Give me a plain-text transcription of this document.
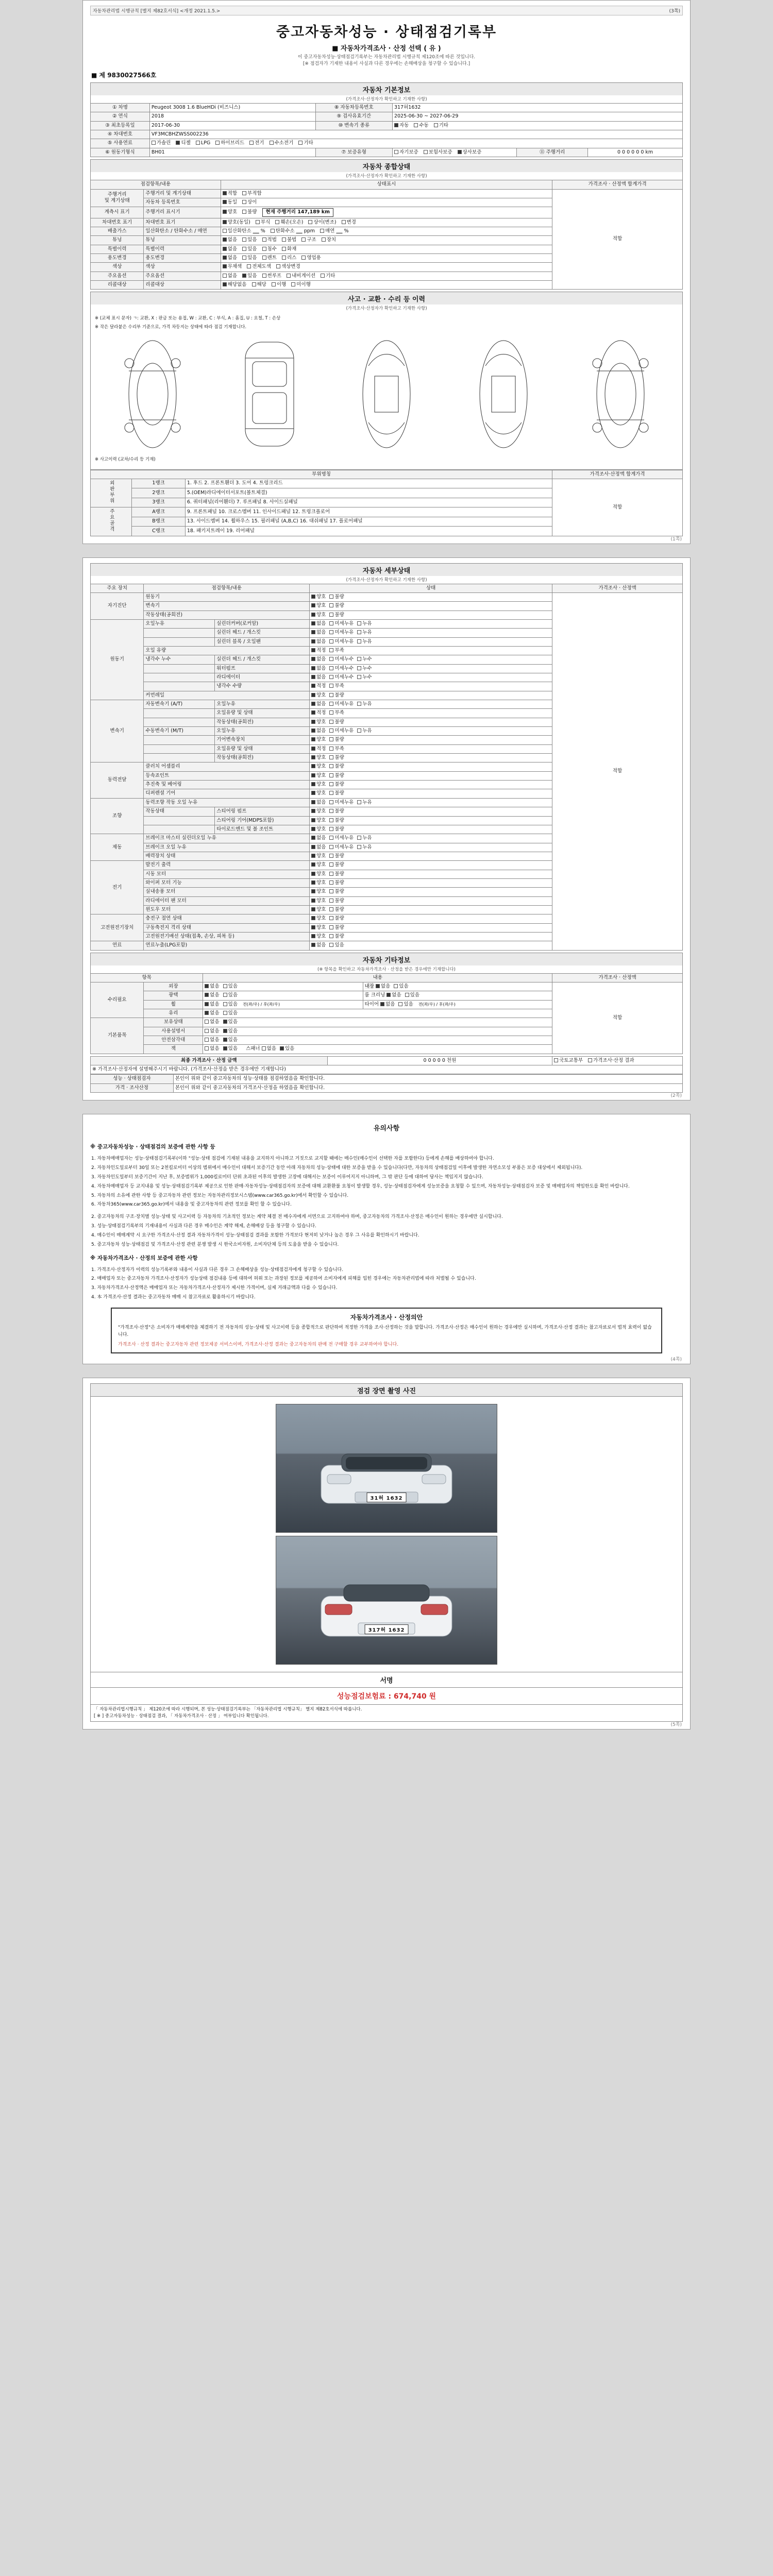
자동차관리법 시행규칙 [별지 제82호서식] <개정 2021.1.5.>	(3쪽)
중고자동차성능 · 상태점검기록부
■ 자동차가격조사 · 산정 선택 ( 유 )
이 중고자동차성능·상태점검기록부는 자동차관리법 시행규칙 제120조에 따른 것입니다.
[※ 점검자가 기재한 내용이 사실과 다른 경우에는 손해배상을 청구할 수 있습니다.]
■ 제 9830027566호
자동차 기본정보
(가격조사·산정자가 확인하고 기재한 사항)
① 차명	Peugeot 3008 1.6 BlueHDi (비즈니스)	⑧ 자동차등록번호	317허1632		
② 연식	2018	⑨ 검사유효기간	2025-06-30 ~ 2027-06-29		
③ 최초등록일	2017-06-30	⑩ 변속기 종류	자동 수동 기타		
④ 차대번호	VF3MCBHZWSS002236				
⑤ 사용연료	가솔린 디젤 LPG 하이브리드 전기 수소전기 기타				
⑥ 원동기형식	BH01	⑦ 보증유형	자기보증 보험사보증 상사보증	⑪ 주행거리	0 0 0 0 0 0 km
자동차 종합상태
(가격조사·산정자가 확인하고 기재한 사항)
점검항목/내용		상태표시	가격조사 · 산정액 합계가격
주행거리
및 계기상태	주행거리 및 계기상태	적합 부적합	적합
	자동차 등록번호	동일 상이	
계측시 표기	주행거리 표시기	양호 불량 현재 주행거리 147,189 km	
차대번호 표기	차대번호 표기	양호(동일) 부식 훼손(오손) 상이(변조) 변경	
배출가스	일산화탄소 / 탄화수소 / 매연	일산화탄소      % 탄화수소      ppm 매연      %	
튜닝	튜닝	없음 있음 적법 불법 구조 장치	
특별이력	특별이력	없음 있음 침수 화재	
용도변경	용도변경	없음 있음 렌트 리스 영업용	
색상	색상	무채색 전체도색 색상변경	
주요옵션	주요옵션	없음 있음 썬루프 내비게이션 기타	
리콜대상	리콜대상	해당없음 해당 이행 미이행	
사고 · 교환 · 수리 등 이력
(가격조사·산정자가 확인하고 기재한 사항)
※ (교체 표시 문자) ㄱ: 교환, X : 판금 또는 용접, W : 교환, C : 부식, A : 흠집, U : 요철, T : 손상
※ 작은 달라붙은 수리부 기준으로, 가격 차등지는 상태에 따라 점검 기재합니다.
※ 사고이력 (교차/수리 등 기재)
부위명칭			가격조사·산정액 합계가격
외판부위	1랭크	1. 후드 2. 프론트휀더 3. 도어 4. 트렁크리드	적합
	2랭크	5.(OEM)라디에이터서포트(볼트체결)	
	3랭크	6. 쿼터패널(리어휀더) 7. 루프패널 8. 사이드실패널	
주요골격	A랭크	9. 프론트패널 10. 크로스멤버 11. 인사이드패널 12. 트렁크플로어	
	B랭크	13. 사이드멤버 14. 휠하우스 15. 필러패널 (A,B,C) 16. 대쉬패널 17. 플로어패널	
	C랭크	18. 패키지트레이 19. 리어패널	
(1쪽)
자동차 세부상태
(가격조사·산정자가 확인하고 기재한 사항)
주요 장치	점검항목/내용		상태	가격조사 · 산정액
자기진단	원동기		양호 불량	적합
	변속기		양호 불량	
	작동상태(공회전)		양호 불량	
원동기	오일누유	실린더커버(로커암)	없음 미세누유 누유	
		실린더 헤드 / 개스킷	없음 미세누유 누유	
		실린더 블록 / 오일팬	없음 미세누유 누유	
	오일 유량		적정 부족	
	냉각수 누수	실린더 헤드 / 개스킷	없음 미세누수 누수	
		워터펌프	없음 미세누수 누수	
		라디에이터	없음 미세누수 누수	
		냉각수 수량	적정 부족	
	커먼레일		양호 불량	
변속기	자동변속기 (A/T)	오일누유	없음 미세누유 누유	
		오일유량 및 상태	적정 부족	
		작동상태(공회전)	양호 불량	
	수동변속기 (M/T)	오일누유	없음 미세누유 누유	
		기어변속장치	양호 불량	
		오일유량 및 상태	적정 부족	
		작동상태(공회전)	양호 불량	
동력전달	클러치 어셈블리		양호 불량	
	등속죠인트		양호 불량	
	추진축 및 베어링		양호 불량	
	디퍼렌셜 기어		양호 불량	
조향	동력조향 작동 오일 누유		없음 미세누유 누유	
	작동상태	스티어링 펌프	양호 불량	
		스티어링 기어(MDPS포함)	양호 불량	
		타이로드엔드 및 볼 조인트	양호 불량	
제동	브레이크 마스터 실린더오일 누유		없음 미세누유 누유	
	브레이크 오일 누유		없음 미세누유 누유	
	배력장치 상태		양호 불량	
전기	발전기 출력		양호 불량	
	시동 모터		양호 불량	
	와이퍼 모터 기능		양호 불량	
	실내송풍 모터		양호 불량	
	라디에이터 팬 모터		양호 불량	
	윈도우 모터		양호 불량	
고전원전기장치	충전구 절연 상태		양호 불량	
	구동축전지 격리 상태		양호 불량	
	고전원전기배선 상태(접촉, 손상, 피복 등)		양호 불량	
연료	연료누출(LPG포함)		없음 있음	
(2쪽)
자동차 기타정보
(※ 항목을 확인하고 자동차가격조사 · 산정을 받은 경우에만 기재합니다)
항목		내용		가격조사 · 산정액
수리필요	외장	없음 있음	내장 없음 있음	적합
	광택	없음 있음	룸 크리닝 없음 있음	
	휠	없음 있음 전(좌/우) / 후(좌/우)	타이어 없음 있음 전(좌/우) / 후(좌/우)	
	유리	없음 있음		
기본품목	보유상태	없음 있음		
	사용설명서	없음 있음		
	안전삼각대	없음 있음		
	잭	없음 있음 스패너 없음 있음		
최종 가격조사 · 산정 금액	0 0 0 0 0 천원	국토교통부 가격조사·산정 결과
※ 가격조사·산정자에 설명해주시기 바랍니다. (가격조사·산정을 받은 경우에만 기재합니다)
성능 · 상태점검자	본인이 위와 같이 중고자동차의 성능·상태를 점검하였음을 확인합니다.
가격 · 조사산정	본인이 위와 같이 중고자동차의 가격조사·산정을 하였음을 확인합니다.
유의사항
※ 중고자동차성능 · 상태점검의 보증에 관한 사항 등
1. 자동차매매업자는 성능·상태점검기록부(이하 "성능·상태 점검에 기재된 내용을 교지하지 아니하고 거짓으로 교지할 때에는 매수인(매수인이 선택한 자를 포함한다) 등에게 손해를 배상하여야 합니다.
2. 자동차인도일로부터 30일 또는 2천킬로미터 이상의 범위에서 매수인이 대해서 보증기간 동안 아래 자동차의 성능·상태에 대한 보증을 받을 수 있습니다(다만, 자동차의 상태점검일 이후에 발생한 자연소모성 부품은 보증 대상에서 제외됩니다).
3. 자동차인도일부터 보증기간이 지난 후, 보증범위가 1,000킬로미터 단위 초과된 이후의 발생한 고장에 대해서는 보증이 이루어지지 아니하며, 그 밖 판단 등에 대하여 당사는 책임지지 않습니다.
4. 자동차매매업자 등 교지내용 및 성능·상태점검기록부 제공으로 인한 판매·자동차성능·상태점검자의 보증에 대해 교환환불 요청이 발생할 경우, 성능·상태점검자에게 성능보증을 요청할 수 있으며, 자동차성능·상태점검자 보증 및 매매업자의 책임한도를 확인 바랍니다.
5. 자동차의 소유에 관한 사항 등 중고자동차 관련 정보는 자동차관리정보시스템(www.car365.go.kr)에서 확인할 수 있습니다.
6. 자동차365(www.car365.go.kr)에서 내용을 및 중고자동차의 관련 정보를 확인 할 수 있습니다.
2. 중고자동차의 구조·장치별 성능·상태 및 사고이력 등 자동차의 기초적인 정보는 계약 체결 전 매수자에게 서면으로 고지하여야 하며, 중고자동차의 가격조사·산정은 매수인이 원하는 경우에만 실시합니다.
3. 성능·상태점검기록부의 기재내용이 사실과 다른 경우 매수인은 계약 해제, 손해배상 등을 청구할 수 있습니다.
4. 매수인이 매매계약 시 요구한 가격조사·산정 결과 자동차가격이 성능·상태점검 결과를 포함한 가격보다 현저히 낮거나 높은 경우 그 사유를 확인하시기 바랍니다.
5. 중고자동차 성능·상태점검 및 가격조사·산정 관련 분쟁 발생 시 한국소비자원, 소비자단체 등의 도움을 받을 수 있습니다.
※ 자동차가격조사 · 산정의 보증에 관한 사항
1. 가격조사·산정자가 이력의 성능기록부와 내용이 사실과 다른 경우 그 손해배상을 성능·상태점검자에게 청구할 수 있습니다.
2. 매매업자 또는 중고자동차 가격조사·산정자가 성능상태 점검내용 등에 대하여 허위 또는 과장된 정보를 제공하여 소비자에게 피해를 입힌 경우에는 자동차관리법에 따라 처벌될 수 있습니다.
3. 자동차가격조사·산정액은 매매업자 또는 자동차가격조사·산정자가 제시한 가격이며, 실제 거래금액과 다를 수 있습니다.
4. 本 가격조사·산정 결과는 중고자동차 매매 시 참고자료로 활용하시기 바랍니다.
자동차가격조사 · 산정의안
"가격조사·산정"은 소비자가 매매계약을 체결하기 전 자동차의 성능·상태 및 사고이력 등을 종합적으로 판단하여 적정한 가격을 조사·산정하는 것을 말합니다. 가격조사·산정은 매수인이 원하는 경우에만 실시하며, 가격조사·산정 결과는 참고자료로서 법적 효력이 없습니다.
가격조사 · 산정 결과는 중고자동차 관련 정보제공 서비스이며, 가격조사·산정 결과는 중고자동차의 판매 전 구매할 경우 교부하여야 합니다.
(4쪽)
점검 장면 촬영 사진
31허 1632
317허 1632
서명
성능점검보험료 : 674,740 원
「 자동차관리법시행규칙 」 제120조에 따라 시행되며, 본 성능·상태점검기록부는 「자동차관리법 시행규칙」 별지 제82호서식에 따릅니다.
[ ※ ] 중고자동차성능 · 상태점검 결과, 「 자동차가격조사 · 산정 」 여부입니다 확인됩니다.
(5쪽)
